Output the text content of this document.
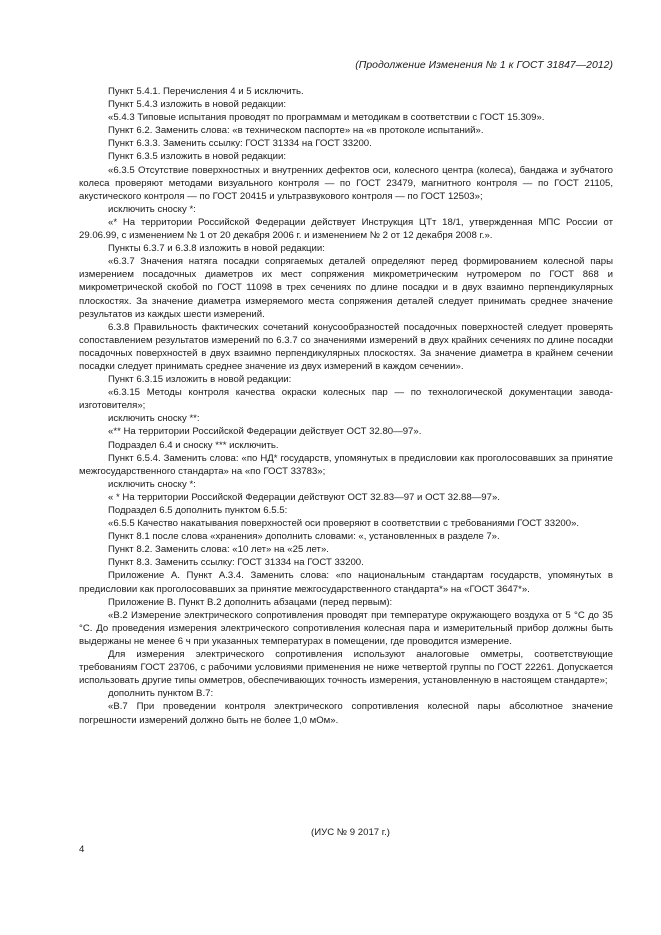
(Продолжение Изменения № 1 к ГОСТ 31847—2012)

Пункт 5.4.1. Перечисления 4 и 5 исключить.

Пункт 5.4.3 изложить в новой редакции:

«5.4.3 Типовые испытания проводят по программам и методикам в соответствии с ГОСТ 15.309».

Пункт 6.2. Заменить слова: «в техническом паспорте» на «в протоколе испытаний».

Пункт 6.3.3. Заменить ссылку: ГОСТ 31334 на ГОСТ 33200.

Пункт 6.3.5 изложить в новой редакции:

«6.3.5 Отсутствие поверхностных и внутренних дефектов оси, колесного центра (колеса), бандажа и зубчатого колеса проверяют методами визуального контроля — по ГОСТ 23479, магнитного контроля — по ГОСТ 21105, акустического контроля — по ГОСТ 20415 и ультразвукового контроля — по ГОСТ 12503»;

исключить сноску *:

«* На территории Российской Федерации действует Инструкция ЦТт 18/1, утвержденная МПС России от 29.06.99, с изменением № 1 от 20 декабря 2006 г. и изменением № 2 от 12 декабря 2008 г.».

Пункты 6.3.7 и 6.3.8 изложить в новой редакции:

«6.3.7 Значения натяга посадки сопрягаемых деталей определяют перед формированием колесной пары измерением посадочных диаметров их мест сопряжения микрометрическим нутромером по ГОСТ 868 и микрометрической скобой по ГОСТ 11098 в трех сечениях по длине посадки и в двух взаимно перпендикулярных плоскостях. За значение диаметра измеряемого места сопряжения деталей следует принимать среднее значение результатов из каждых шести измерений.

6.3.8 Правильность фактических сочетаний конусообразностей посадочных поверхностей следует проверять сопоставлением результатов измерений по 6.3.7 со значениями измерений в двух крайних сечениях по длине посадки посадочных поверхностей в двух взаимно перпендикулярных плоскостях. За значение диаметра в крайнем сечении посадки следует принимать среднее значение из двух измерений в каждом сечении».

Пункт 6.3.15 изложить в новой редакции:

«6.3.15 Методы контроля качества окраски колесных пар — по технологической документации завода-изготовителя»;

исключить сноску **:

«** На территории Российской Федерации действует ОСТ 32.80—97».

Подраздел 6.4 и сноску *** исключить.

Пункт 6.5.4. Заменить слова: «по НД* государств, упомянутых в предисловии как проголосовавших за принятие межгосударственного стандарта» на «по ГОСТ 33783»;

исключить сноску *:

« * На территории Российской Федерации действуют ОСТ 32.83—97 и ОСТ 32.88—97».

Подраздел 6.5 дополнить пунктом 6.5.5:

«6.5.5 Качество накатывания поверхностей оси проверяют в соответствии с требованиями ГОСТ 33200».

Пункт 8.1 после слова «хранения» дополнить словами: «, установленных в разделе 7».

Пункт 8.2. Заменить слова: «10 лет» на «25 лет».

Пункт 8.3. Заменить ссылку: ГОСТ 31334 на ГОСТ 33200.

Приложение А. Пункт А.3.4. Заменить слова: «по национальным стандартам государств, упомянутых в предисловии как проголосовавших за принятие межгосударственного стандарта*» на «ГОСТ 3647*».

Приложение В. Пункт В.2 дополнить абзацами (перед первым):

«В.2 Измерение электрического сопротивления проводят при температуре окружающего воздуха от 5 °С до 35 °С. До проведения измерения электрического сопротивления колесная пара и измерительный прибор должны быть выдержаны не менее 6 ч при указанных температурах в помещении, где проводится измерение.

Для измерения электрического сопротивления используют аналоговые омметры, соответствующие требованиям ГОСТ 23706, с рабочими условиями применения не ниже четвертой группы по ГОСТ 22261. Допускается использовать другие типы омметров, обеспечивающих точность измерения, установленную в настоящем стандарте»;

дополнить пунктом В.7:

«В.7 При проведении контроля электрического сопротивления колесной пары абсолютное значение погрешности измерений должно быть не более 1,0 мОм».

(ИУС № 9 2017 г.)
4
